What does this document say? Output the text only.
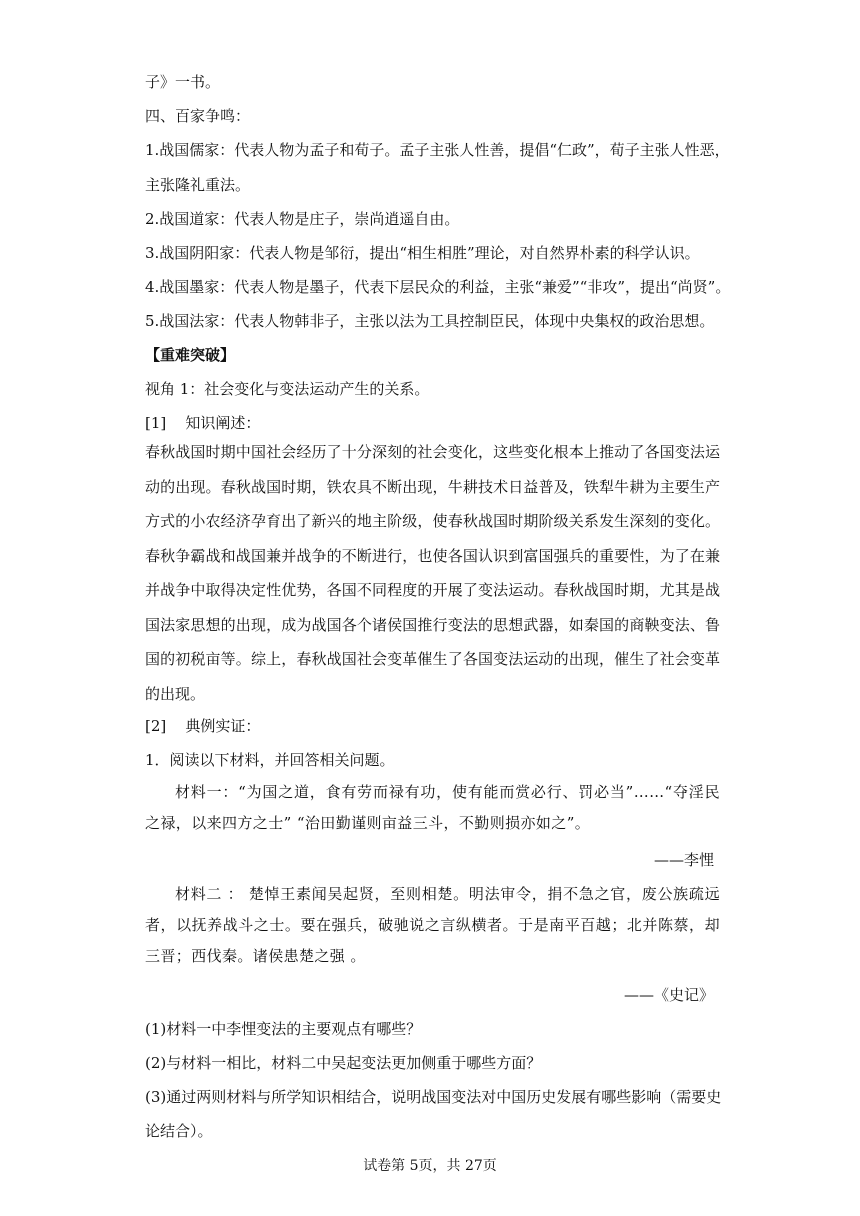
子》一书。
四、百家争鸣：
1.战国儒家：代表人物为孟子和荀子。孟子主张人性善，提倡“仁政”，荀子主张人性恶，
主张隆礼重法。
2.战国道家：代表人物是庄子，崇尚逍遥自由。
3.战国阴阳家：代表人物是邹衍，提出“相生相胜”理论，对自然界朴素的科学认识。
4.战国墨家：代表人物是墨子，代表下层民众的利益，主张“兼爱”“非攻”，提出“尚贤”。
5.战国法家：代表人物韩非子，主张以法为工具控制臣民，体现中央集权的政治思想。
【重难突破】
视角 1：社会变化与变法运动产生的关系。
[1]    知识阐述：
春秋战国时期中国社会经历了十分深刻的社会变化，这些变化根本上推动了各国变法运动的出现。春秋战国时期，铁农具不断出现，牛耕技术日益普及，铁犁牛耕为主要生产方式的小农经济孕育出了新兴的地主阶级，使春秋战国时期阶级关系发生深刻的变化。春秋争霸战和战国兼并战争的不断进行，也使各国认识到富国强兵的重要性，为了在兼并战争中取得决定性优势，各国不同程度的开展了变法运动。春秋战国时期，尤其是战国法家思想的出现，成为战国各个诸侯国推行变法的思想武器，如秦国的商鞅变法、鲁国的初税亩等。综上，春秋战国社会变革催生了各国变法运动的出现，催生了社会变革的出现。
[2]    典例实证：
1．阅读以下材料，并回答相关问题。
材料一：“为国之道，食有劳而禄有功，使有能而赏必行、罚必当”……“夺淫民之禄，以来四方之士” “治田勤谨则亩益三斗，不勤则损亦如之”。
——李悝
材料二 ： 楚悼王素闻吴起贤，至则相楚。明法审令，捐不急之官，废公族疏远者，以抚养战斗之士。要在强兵，破驰说之言纵横者。于是南平百越；北并陈蔡，却三晋；西伐秦。诸侯患楚之强 。
——《史记》
(1)材料一中李悝变法的主要观点有哪些？
(2)与材料一相比，材料二中吴起变法更加侧重于哪些方面？
(3)通过两则材料与所学知识相结合，说明战国变法对中国历史发展有哪些影响（需要史
论结合）。
试卷第 5页，共 27页
